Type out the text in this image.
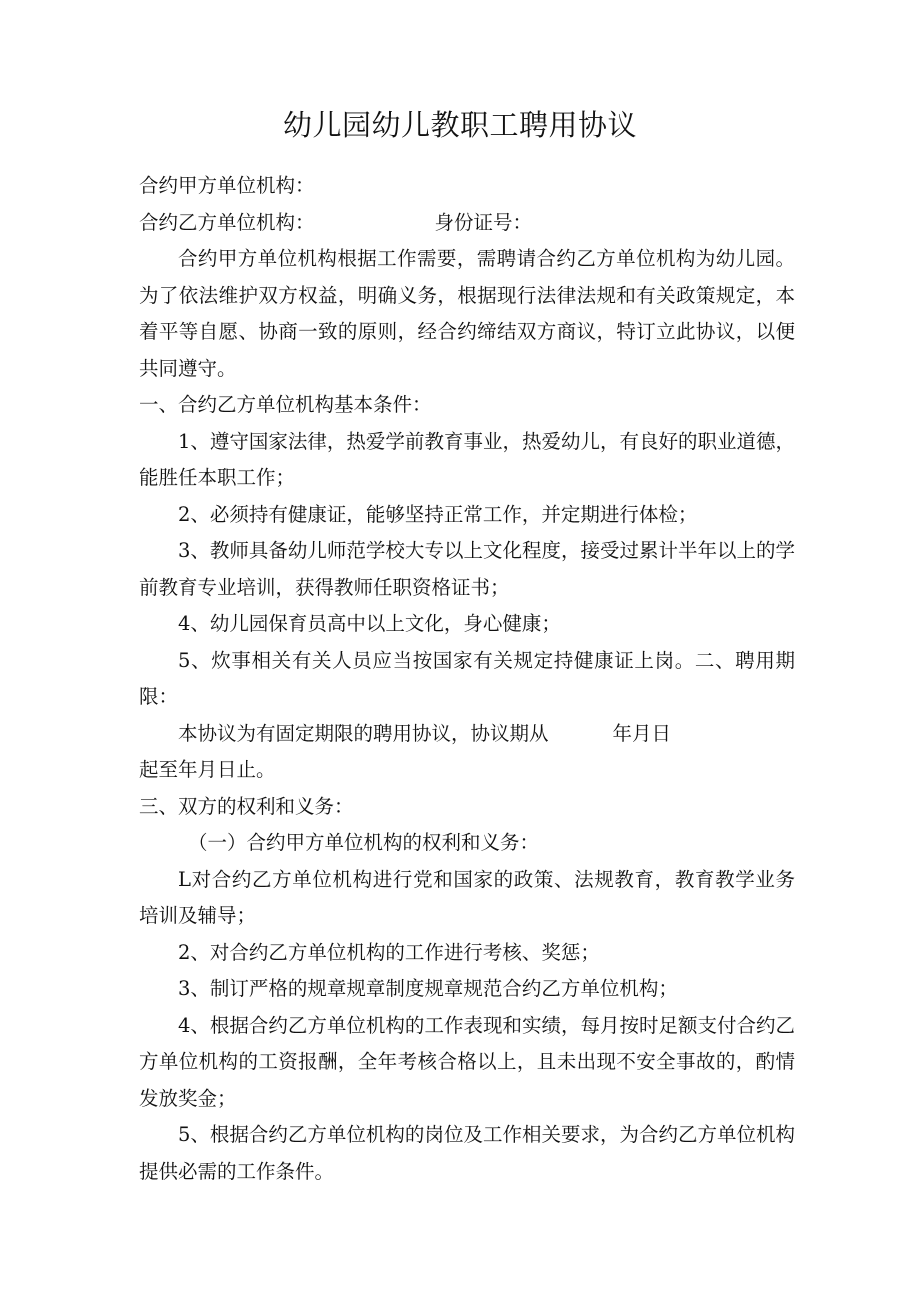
幼儿园幼儿教职工聘用协议

合约甲方单位机构：

合约乙方单位机构：	身份证号：

合约甲方单位机构根据工作需要，需聘请合约乙方单位机构为幼儿园。为了依法维护双方权益，明确义务，根据现行法律法规和有关政策规定，本着平等自愿、协商一致的原则，经合约缔结双方商议，特订立此协议，以便共同遵守。

一、合约乙方单位机构基本条件：

1、遵守国家法律，热爱学前教育事业，热爱幼儿，有良好的职业道德，能胜任本职工作；

2、必须持有健康证，能够坚持正常工作，并定期进行体检；

3、教师具备幼儿师范学校大专以上文化程度，接受过累计半年以上的学前教育专业培训，获得教师任职资格证书；

4、幼儿园保育员高中以上文化，身心健康；

5、炊事相关有关人员应当按国家有关规定持健康证上岗。二、聘用期限：

本协议为有固定期限的聘用协议，协议期从	年月日

起至年月日止。

三、双方的权利和义务：

（一）合约甲方单位机构的权利和义务：

L对合约乙方单位机构进行党和国家的政策、法规教育，教育教学业务培训及辅导；

2、对合约乙方单位机构的工作进行考核、奖惩；

3、制订严格的规章规章制度规章规范合约乙方单位机构；

4、根据合约乙方单位机构的工作表现和实绩，每月按时足额支付合约乙方单位机构的工资报酬，全年考核合格以上，且未出现不安全事故的，酌情发放奖金；

5、根据合约乙方单位机构的岗位及工作相关要求，为合约乙方单位机构提供必需的工作条件。
